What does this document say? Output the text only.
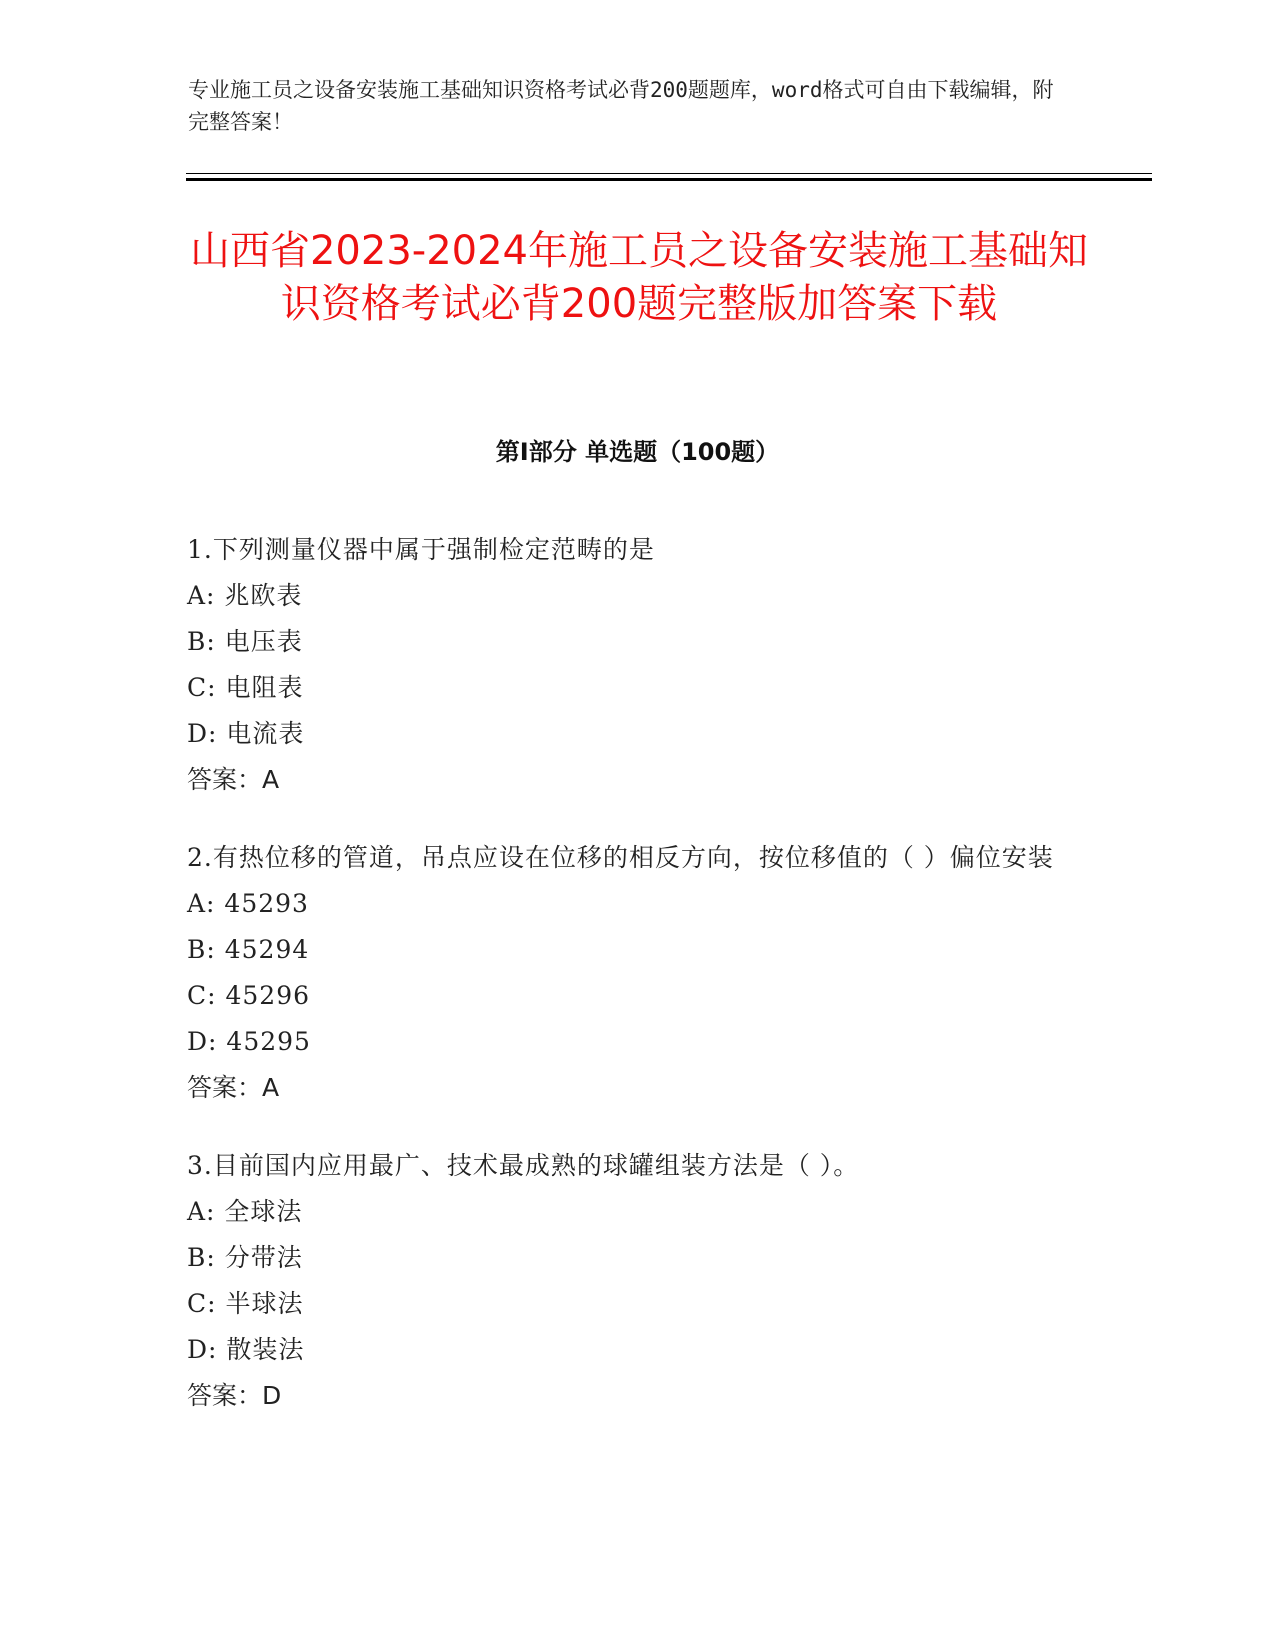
专业施工员之设备安装施工基础知识资格考试必背200题题库，word格式可自由下载编辑，附完整答案！
山西省2023-2024年施工员之设备安装施工基础知识资格考试必背200题完整版加答案下载
第Ⅰ部分 单选题（100题）
1.下列测量仪器中属于强制检定范畴的是
A: 兆欧表
B: 电压表
C: 电阻表
D: 电流表
答案：A
2.有热位移的管道，吊点应设在位移的相反方向，按位移值的（ ）偏位安装
A: 45293
B: 45294
C: 45296
D: 45295
答案：A
3.目前国内应用最广、技术最成熟的球罐组装方法是（ ）。
A: 全球法
B: 分带法
C: 半球法
D: 散装法
答案：D
